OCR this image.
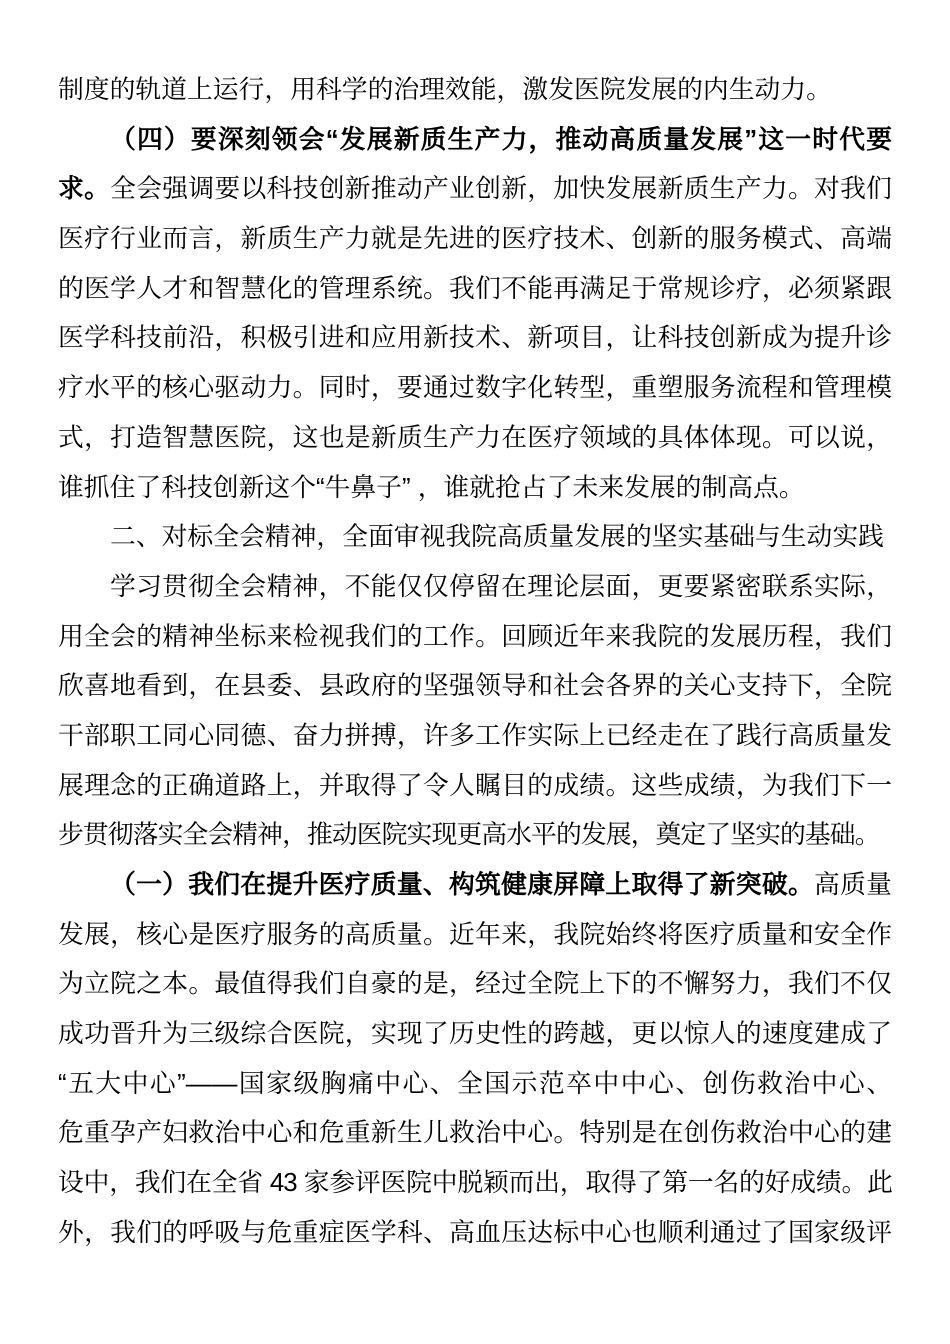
制度的轨道上运行，用科学的治理效能，激发医院发展的内生动力。
（四）要深刻领会“发展新质生产力，推动高质量发展”这一时代要
求。全会强调要以科技创新推动产业创新，加快发展新质生产力。对我们
医疗行业而言，新质生产力就是先进的医疗技术、创新的服务模式、高端
的医学人才和智慧化的管理系统。我们不能再满足于常规诊疗，必须紧跟
医学科技前沿，积极引进和应用新技术、新项目，让科技创新成为提升诊
疗水平的核心驱动力。同时，要通过数字化转型，重塑服务流程和管理模
式，打造智慧医院，这也是新质生产力在医疗领域的具体体现。可以说，
谁抓住了科技创新这个“牛鼻子” ，谁就抢占了未来发展的制高点。
二、对标全会精神，全面审视我院高质量发展的坚实基础与生动实践
学习贯彻全会精神，不能仅仅停留在理论层面，更要紧密联系实际，
用全会的精神坐标来检视我们的工作。回顾近年来我院的发展历程，我们
欣喜地看到，在县委、县政府的坚强领导和社会各界的关心支持下，全院
干部职工同心同德、奋力拼搏，许多工作实际上已经走在了践行高质量发
展理念的正确道路上，并取得了令人瞩目的成绩。这些成绩，为我们下一
步贯彻落实全会精神，推动医院实现更高水平的发展，奠定了坚实的基础。
（一）我们在提升医疗质量、构筑健康屏障上取得了新突破。高质量
发展，核心是医疗服务的高质量。近年来，我院始终将医疗质量和安全作
为立院之本。最值得我们自豪的是，经过全院上下的不懈努力，我们不仅
成功晋升为三级综合医院，实现了历史性的跨越，更以惊人的速度建成了
“五大中心”——国家级胸痛中心、全国示范卒中中心、创伤救治中心、
危重孕产妇救治中心和危重新生儿救治中心。特别是在创伤救治中心的建
设中，我们在全省 43 家参评医院中脱颖而出，取得了第一名的好成绩。此
外，我们的呼吸与危重症医学科、高血压达标中心也顺利通过了国家级评
